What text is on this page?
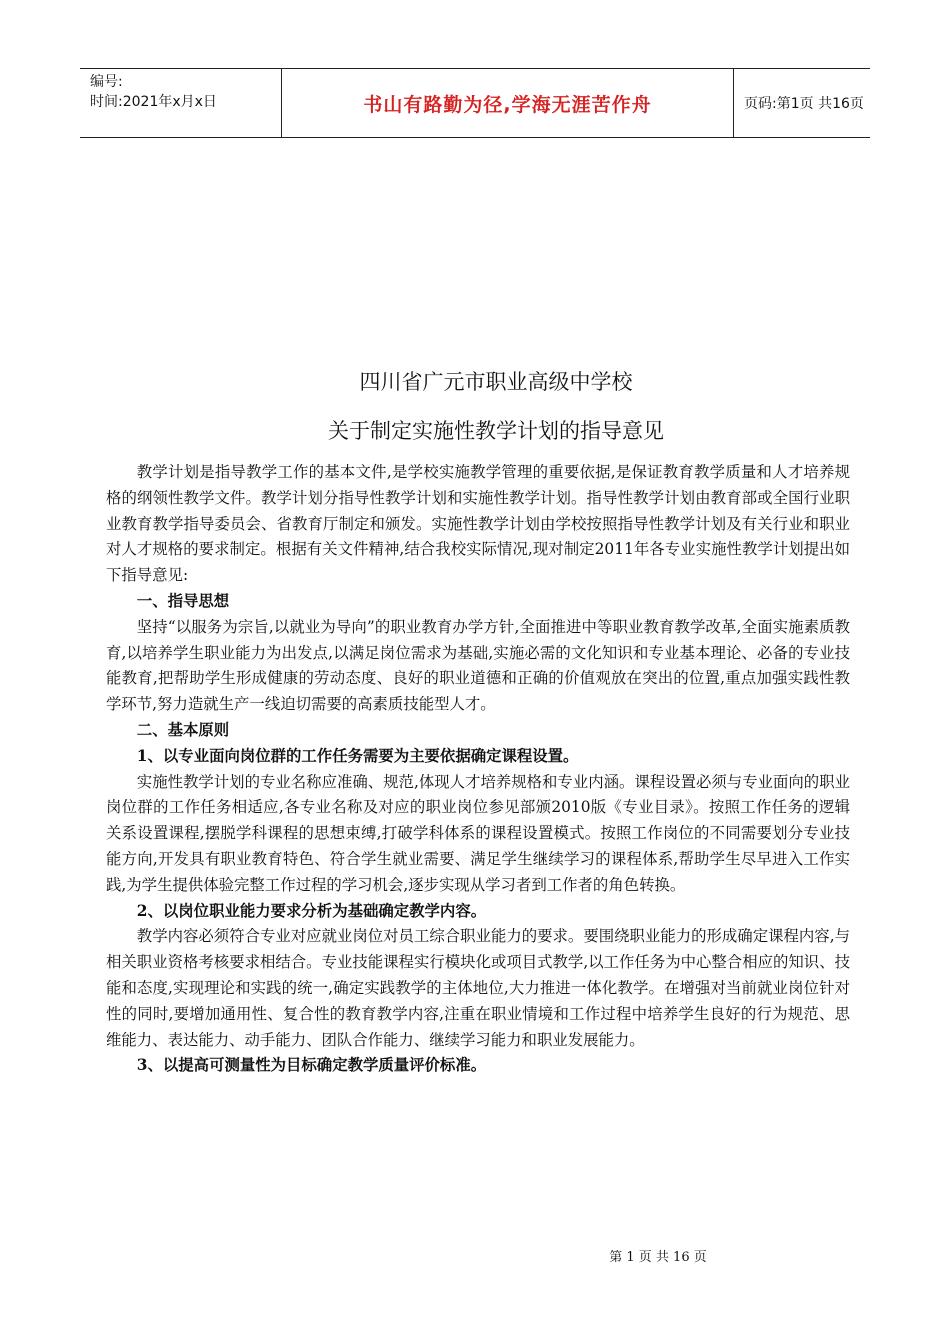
编号:
时间:2021年x月x日	书山有路勤为径,学海无涯苦作舟	页码:第1页 共16页
四川省广元市职业高级中学校
关于制定实施性教学计划的指导意见

教学计划是指导教学工作的基本文件,是学校实施教学管理的重要依据,是保证教育教学质量和人才培养规格的纲领性教学文件。教学计划分指导性教学计划和实施性教学计划。指导性教学计划由教育部或全国行业职业教育教学指导委员会、省教育厅制定和颁发。实施性教学计划由学校按照指导性教学计划及有关行业和职业对人才规格的要求制定。根据有关文件精神,结合我校实际情况,现对制定2011年各专业实施性教学计划提出如下指导意见:

一、指导思想

坚持“以服务为宗旨,以就业为导向”的职业教育办学方针,全面推进中等职业教育教学改革,全面实施素质教育,以培养学生职业能力为出发点,以满足岗位需求为基础,实施必需的文化知识和专业基本理论、必备的专业技能教育,把帮助学生形成健康的劳动态度、良好的职业道德和正确的价值观放在突出的位置,重点加强实践性教学环节,努力造就生产一线迫切需要的高素质技能型人才。

二、基本原则

1、以专业面向岗位群的工作任务需要为主要依据确定课程设置。

实施性教学计划的专业名称应准确、规范,体现人才培养规格和专业内涵。课程设置必须与专业面向的职业岗位群的工作任务相适应,各专业名称及对应的职业岗位参见部颁2010版《专业目录》。按照工作任务的逻辑关系设置课程,摆脱学科课程的思想束缚,打破学科体系的课程设置模式。按照工作岗位的不同需要划分专业技能方向,开发具有职业教育特色、符合学生就业需要、满足学生继续学习的课程体系,帮助学生尽早进入工作实践,为学生提供体验完整工作过程的学习机会,逐步实现从学习者到工作者的角色转换。

2、以岗位职业能力要求分析为基础确定教学内容。

教学内容必须符合专业对应就业岗位对员工综合职业能力的要求。要围绕职业能力的形成确定课程内容,与相关职业资格考核要求相结合。专业技能课程实行模块化或项目式教学,以工作任务为中心整合相应的知识、技能和态度,实现理论和实践的统一,确定实践教学的主体地位,大力推进一体化教学。在增强对当前就业岗位针对性的同时,要增加通用性、复合性的教育教学内容,注重在职业情境和工作过程中培养学生良好的行为规范、思维能力、表达能力、动手能力、团队合作能力、继续学习能力和职业发展能力。

3、以提高可测量性为目标确定教学质量评价标准。

第 1 页 共 16 页
